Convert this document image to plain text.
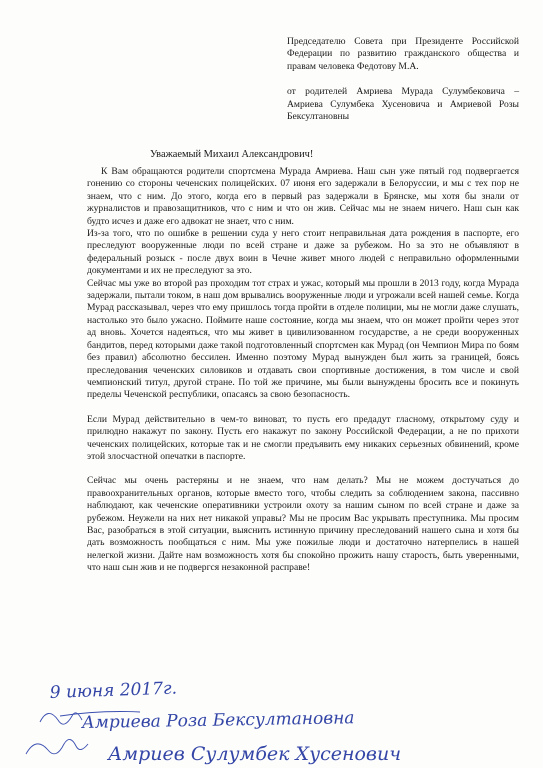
Председателю Совета при Президенте Российской Федерации по развитию гражданского общества и правам человека Федотову М.А.

от родителей Амриева Мурада Сулумбековича – Амриева Сулумбека Хусеновича и Амриевой Розы Бексултановны

Уважаемый Михаил Александрович!

К Вам обращаются родители спортсмена Мурада Амриева. Наш сын уже пятый год подвергается гонению со стороны чеченских полицейских. 07 июня его задержали в Белоруссии, и мы с тех пор не знаем, что с ним. До этого, когда его в первый раз задержали в Брянске, мы хотя бы знали от журналистов и правозащитников, что с ним и что он жив. Сейчас мы не знаем ничего. Наш сын как будто исчез и даже его адвокат не знает, что с ним.

Из-за того, что по ошибке в решении суда у него стоит неправильная дата рождения в паспорте, его преследуют вооруженные люди по всей стране и даже за рубежом. Но за это не объявляют в федеральный розыск - после двух воин в Чечне живет много людей с неправильно оформленными документами и их не преследуют за это.

Сейчас мы уже во второй раз проходим тот страх и ужас, который мы прошли в 2013 году, когда Мурада задержали, пытали током, в наш дом врывались вооруженные люди и угрожали всей нашей семье. Когда Мурад рассказывал, через что ему пришлось тогда пройти в отделе полиции, мы не могли даже слушать, настолько это было ужасно. Поймите наше состояние, когда мы знаем, что он может пройти через этот ад вновь. Хочется надеяться, что мы живет в цивилизованном государстве, а не среди вооруженных бандитов, перед которыми даже такой подготовленный спортсмен как Мурад (он Чемпион Мира по боям без правил) абсолютно бессилен. Именно поэтому Мурад вынужден был жить за границей, боясь преследования чеченских силовиков и отдавать свои спортивные достижения, в том числе и свой чемпионский титул, другой стране. По той же причине, мы были вынуждены бросить все и покинуть пределы Чеченской республики, опасаясь за свою безопасность.

Если Мурад действительно в чем-то виноват, то пусть его предадут гласному, открытому суду и прилюдно накажут по закону. Пусть его накажут по закону Российской Федерации, а не по прихоти чеченских полицейских, которые так и не смогли предъявить ему никаких серьезных обвинений, кроме этой злосчастной опечатки в паспорте.

Сейчас мы очень растеряны и не знаем, что нам делать? Мы не можем достучаться до правоохранительных органов, которые вместо того, чтобы следить за соблюдением закона, пассивно наблюдают, как чеченские оперативники устроили охоту за нашим сыном по всей стране и даже за рубежом. Неужели на них нет никакой управы? Мы не просим Вас укрывать преступника. Мы просим Вас, разобраться в этой ситуации, выяснить истинную причину преследований нашего сына и хотя бы дать возможность пообщаться с ним. Мы уже пожилые люди и достаточно натерпелись в нашей нелегкой жизни. Дайте нам возможность хотя бы спокойно прожить нашу старость, быть уверенными, что наш сын жив и не подвергся незаконной расправе!

9 июня 2017г.
Амриева Роза Бексултановна
Амриев Сулумбек Хусенович
